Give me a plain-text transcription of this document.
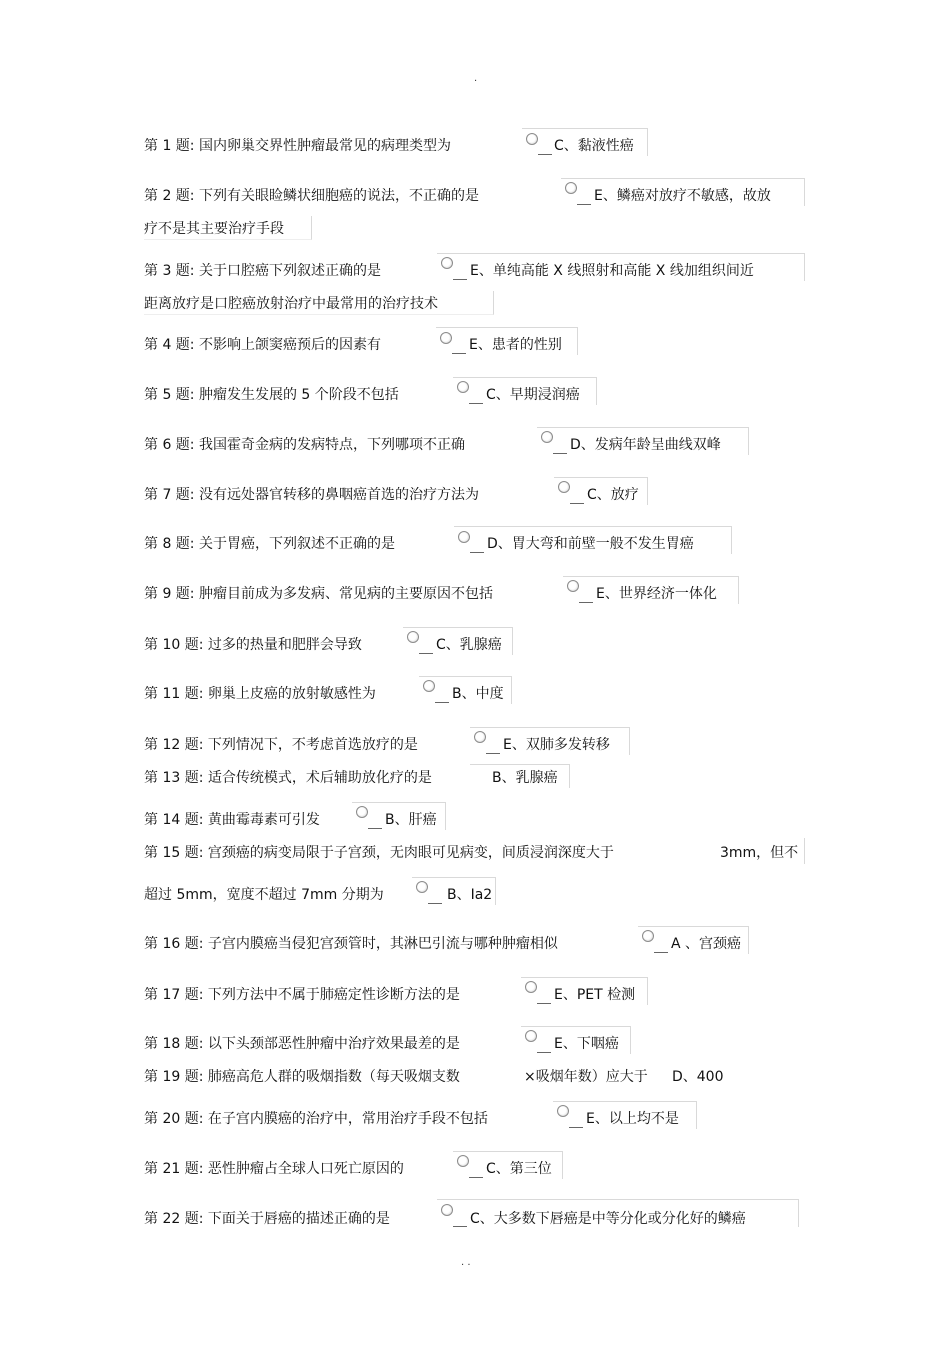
.
第 1 题: 国内卵巢交界性肿瘤最常见的病理类型为	C、黏液性癌
第 2 题: 下列有关眼睑鳞状细胞癌的说法，不正确的是	E、鳞癌对放疗不敏感，故放
疗不是其主要治疗手段
第 3 题: 关于口腔癌下列叙述正确的是	E、单纯高能 X 线照射和高能 X 线加组织间近
距离放疗是口腔癌放射治疗中最常用的治疗技术
第 4 题: 不影响上颌窦癌预后的因素有	E、患者的性别
第 5 题: 肿瘤发生发展的 5 个阶段不包括	C、早期浸润癌
第 6 题: 我国霍奇金病的发病特点，下列哪项不正确	D、发病年龄呈曲线双峰
第 7 题: 没有远处器官转移的鼻咽癌首选的治疗方法为	C、放疗
第 8 题: 关于胃癌，下列叙述不正确的是	D、胃大弯和前壁一般不发生胃癌
第 9 题: 肿瘤目前成为多发病、常见病的主要原因不包括	E、世界经济一体化
第 10 题: 过多的热量和肥胖会导致	C、乳腺癌
第 11 题: 卵巢上皮癌的放射敏感性为	B、中度
第 12 题: 下列情况下，不考虑首选放疗的是	E、双肺多发转移
第 13 题: 适合传统模式，术后辅助放化疗的是	B、乳腺癌
第 14 题: 黄曲霉毒素可引发	B、肝癌
第 15 题: 宫颈癌的病变局限于子宫颈，无肉眼可见病变，间质浸润深度大于	3mm，但不
超过 5mm，宽度不超过 7mm 分期为	B、Ia2
第 16 题: 子宫内膜癌当侵犯宫颈管时，其淋巴引流与哪种肿瘤相似	A 、宫颈癌
第 17 题: 下列方法中不属于肺癌定性诊断方法的是	E、PET 检测
第 18 题: 以下头颈部恶性肿瘤中治疗效果最差的是	E、下咽癌
第 19 题: 肺癌高危人群的吸烟指数（每天吸烟支数	×吸烟年数）应大于 D、400
第 20 题: 在子宫内膜癌的治疗中，常用治疗手段不包括	E、以上均不是
第 21 题: 恶性肿瘤占全球人口死亡原因的	C、第三位
第 22 题: 下面关于唇癌的描述正确的是	C、大多数下唇癌是中等分化或分化好的鳞癌
. .
